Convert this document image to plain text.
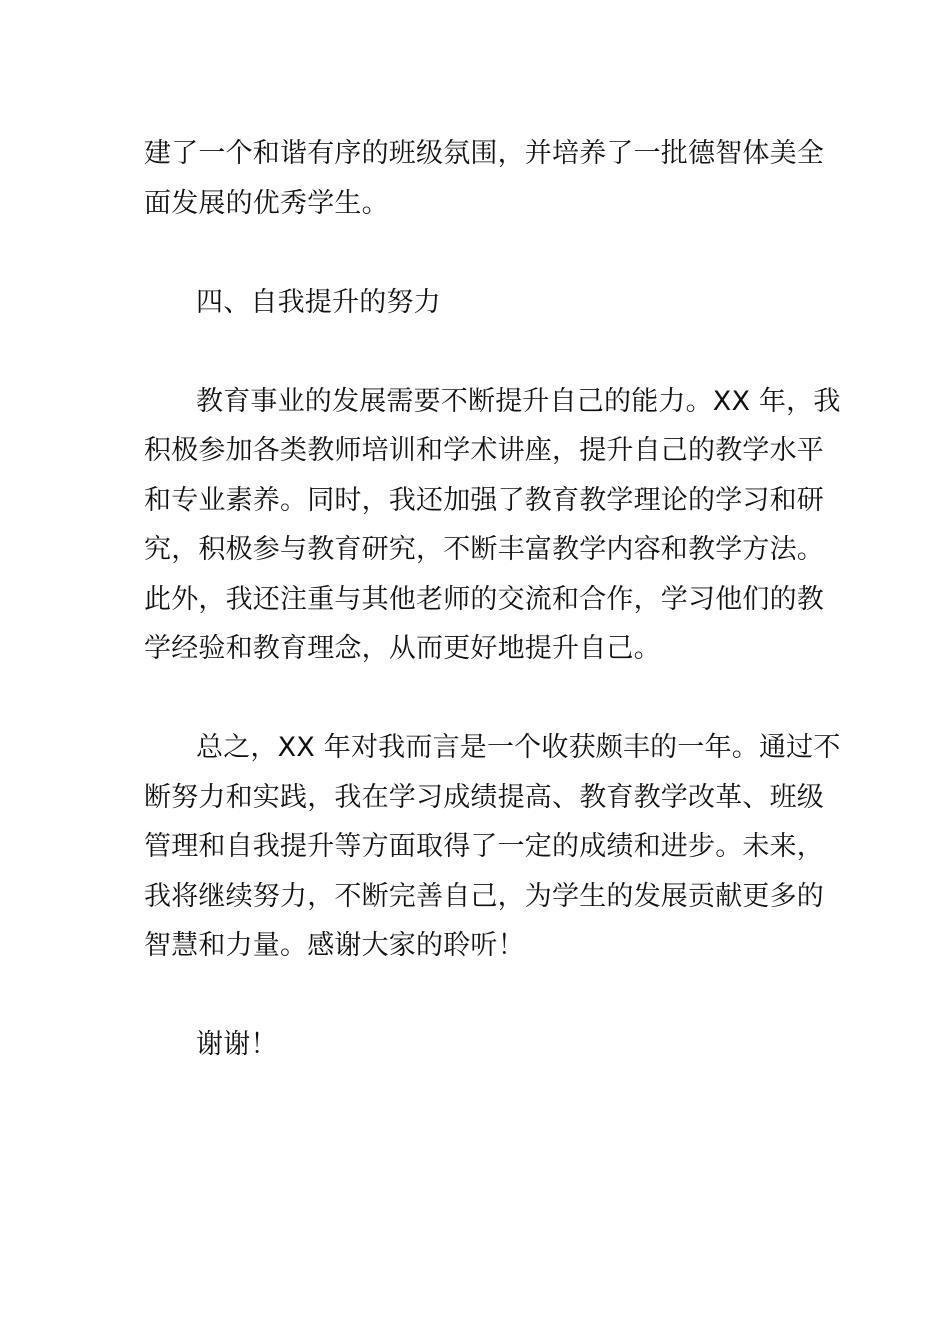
建了一个和谐有序的班级氛围，并培养了一批德智体美全
面发展的优秀学生。
四、自我提升的努力
教育事业的发展需要不断提升自己的能力。XX 年，我
积极参加各类教师培训和学术讲座，提升自己的教学水平
和专业素养。同时，我还加强了教育教学理论的学习和研
究，积极参与教育研究，不断丰富教学内容和教学方法。
此外，我还注重与其他老师的交流和合作，学习他们的教
学经验和教育理念，从而更好地提升自己。
总之，XX 年对我而言是一个收获颇丰的一年。通过不
断努力和实践，我在学习成绩提高、教育教学改革、班级
管理和自我提升等方面取得了一定的成绩和进步。未来，
我将继续努力，不断完善自己，为学生的发展贡献更多的
智慧和力量。感谢大家的聆听！
谢谢！
